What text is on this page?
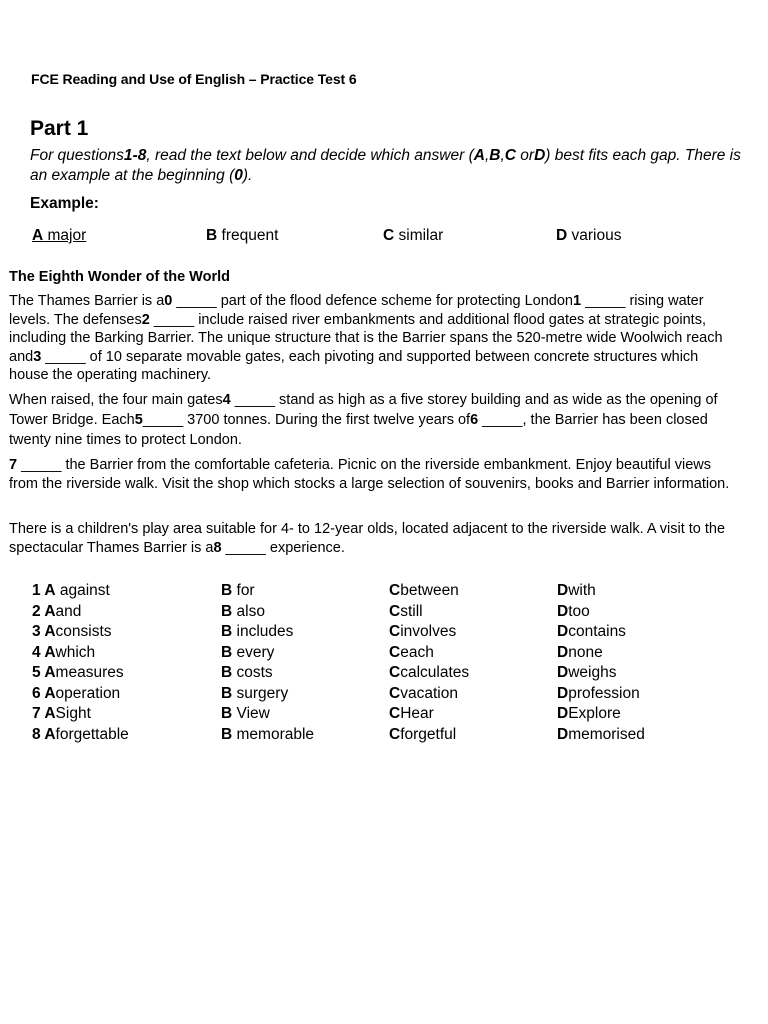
FCE Reading and Use of English – Practice Test 6
Part 1
For questions1-8, read the text below and decide which answer (A,B,C orD) best fits each gap. There is an example at the beginning (0).
Example:
A major	B frequent	C similar	D various
The Eighth Wonder of the World
The Thames Barrier is a0 _____ part of the flood defence scheme for protecting London1 _____ rising water levels. The defenses2 _____ include raised river embankments and additional flood gates at strategic points, including the Barking Barrier. The unique structure that is the Barrier spans the 520-metre wide Woolwich reach and3 _____ of 10 separate movable gates, each pivoting and supported between concrete structures which house the operating machinery.
When raised, the four main gates4 _____ stand as high as a five storey building and as wide as the opening of Tower Bridge. Each5_____ 3700 tonnes. During the first twelve years of6 _____, the Barrier has been closed twenty nine times to protect London.
7 _____ the Barrier from the comfortable cafeteria. Picnic on the riverside embankment. Enjoy beautiful views from the riverside walk. Visit the shop which stocks a large selection of souvenirs, books and Barrier information.
There is a children's play area suitable for 4- to 12-year olds, located adjacent to the riverside walk. A visit to the spectacular Thames Barrier is a8 _____ experience.
1 A against	B for	Cbetween	Dwith
2 Aand	B also	Cstill	Dtoo
3 Aconsists	B includes	Cinvolves	Dcontains
4 Awhich	B every	Ceach	Dnone
5 Ameasures	B costs	Ccalculates	Dweighs
6 Aoperation	B surgery	Cvacation	Dprofession
7 ASight	B View	CHear	DExplore
8 Aforgettable	B memorable	Cforgetful	Dmemorised
